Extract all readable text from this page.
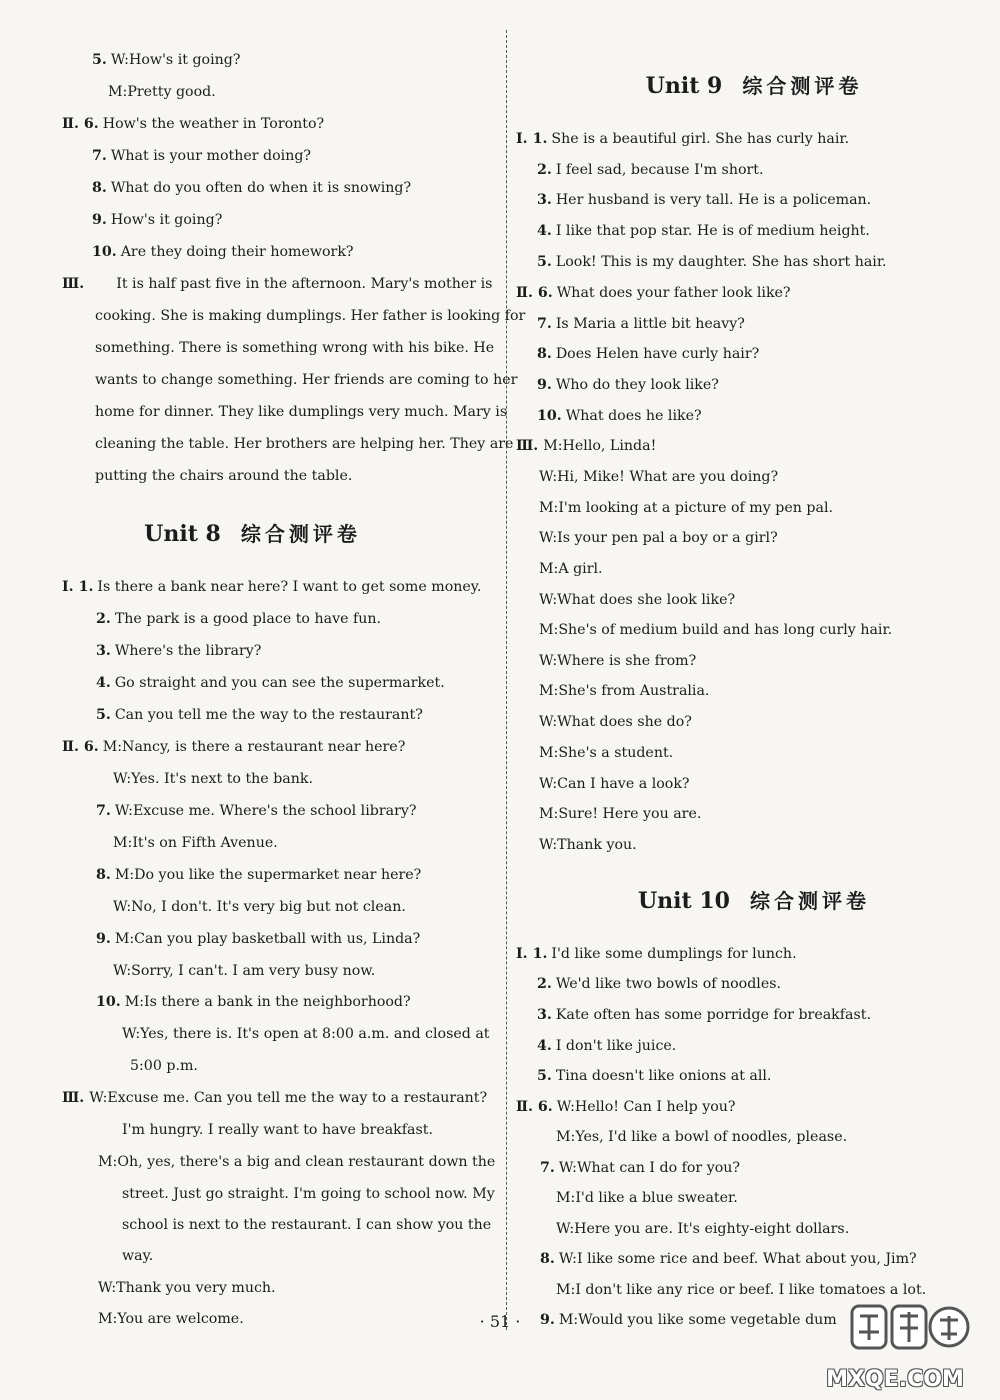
5. W:How's it going?
M:Pretty good.
Ⅱ. 6. How's the weather in Toronto?
7. What is your mother doing?
8. What do you often do when it is snowing?
9. How's it going?
10. Are they doing their homework?
Ⅲ. It is half past five in the afternoon. Mary's mother is
cooking. She is making dumplings. Her father is looking for
something. There is something wrong with his bike. He
wants to change something. Her friends are coming to her
home for dinner. They like dumplings very much. Mary is
cleaning the table. Her brothers are helping her. They are
putting the chairs around the table.
Unit 8 综合测评卷
Ⅰ. 1. Is there a bank near here? I want to get some money.
2. The park is a good place to have fun.
3. Where's the library?
4. Go straight and you can see the supermarket.
5. Can you tell me the way to the restaurant?
Ⅱ. 6. M:Nancy, is there a restaurant near here?
W:Yes. It's next to the bank.
7. W:Excuse me. Where's the school library?
M:It's on Fifth Avenue.
8. M:Do you like the supermarket near here?
W:No, I don't. It's very big but not clean.
9. M:Can you play basketball with us, Linda?
W:Sorry, I can't. I am very busy now.
10. M:Is there a bank in the neighborhood?
W:Yes, there is. It's open at 8:00 a.m. and closed at
5:00 p.m.
Ⅲ. W:Excuse me. Can you tell me the way to a restaurant?
I'm hungry. I really want to have breakfast.
M:Oh, yes, there's a big and clean restaurant down the
street. Just go straight. I'm going to school now. My
school is next to the restaurant. I can show you the
way.
W:Thank you very much.
M:You are welcome.
Unit 9 综合测评卷
Ⅰ. 1. She is a beautiful girl. She has curly hair.
2. I feel sad, because I'm short.
3. Her husband is very tall. He is a policeman.
4. I like that pop star. He is of medium height.
5. Look! This is my daughter. She has short hair.
Ⅱ. 6. What does your father look like?
7. Is Maria a little bit heavy?
8. Does Helen have curly hair?
9. Who do they look like?
10. What does he like?
Ⅲ. M:Hello, Linda!
W:Hi, Mike! What are you doing?
M:I'm looking at a picture of my pen pal.
W:Is your pen pal a boy or a girl?
M:A girl.
W:What does she look like?
M:She's of medium build and has long curly hair.
W:Where is she from?
M:She's from Australia.
W:What does she do?
M:She's a student.
W:Can I have a look?
M:Sure! Here you are.
W:Thank you.
Unit 10 综合测评卷
Ⅰ. 1. I'd like some dumplings for lunch.
2. We'd like two bowls of noodles.
3. Kate often has some porridge for breakfast.
4. I don't like juice.
5. Tina doesn't like onions at all.
Ⅱ. 6. W:Hello! Can I help you?
M:Yes, I'd like a bowl of noodles, please.
7. W:What can I do for you?
M:I'd like a blue sweater.
W:Here you are. It's eighty-eight dollars.
8. W:I like some rice and beef. What about you, Jim?
M:I don't like any rice or beef. I like tomatoes a lot.
9. M:Would you like some vegetable dum
· 51 ·
MXQE.COM
